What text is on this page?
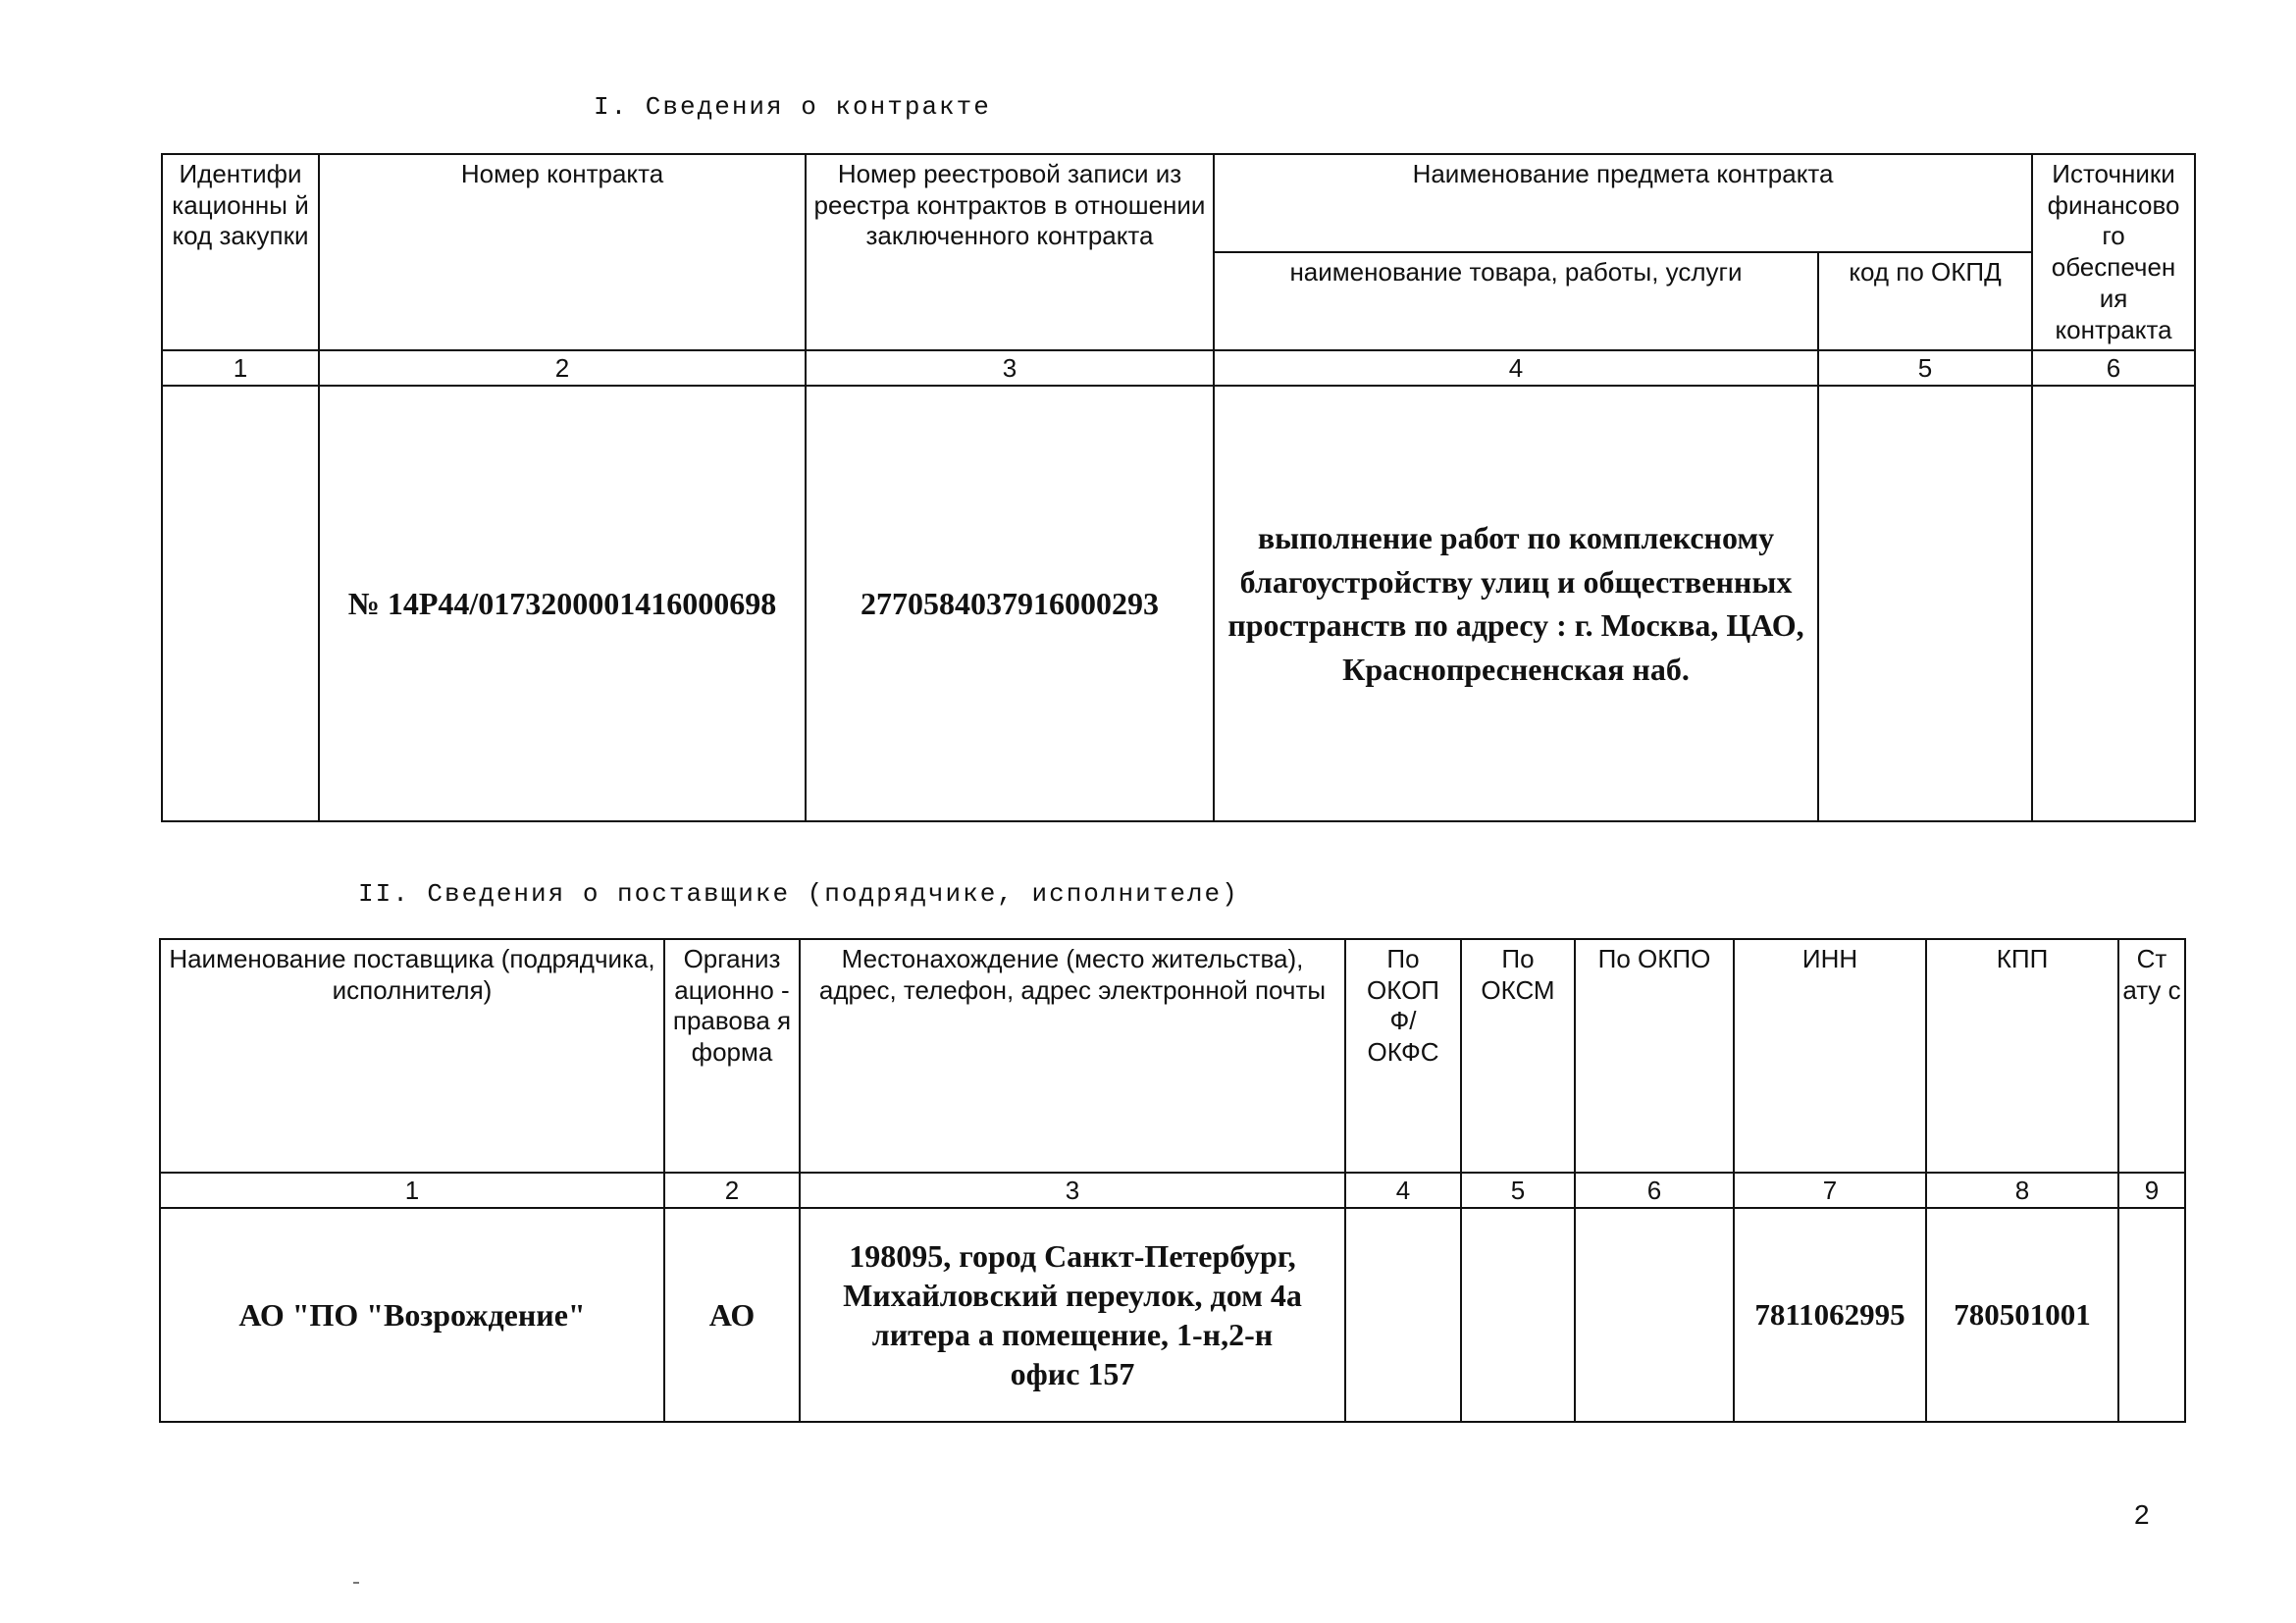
I. Сведения о контракте
Идентифи кационны й код закупки	Номер контракта	Номер реестровой записи из реестра контрактов в отношении заключенного контракта	Наименование предмета контракта		Источники финансово го обеспечен ия контракта
			наименование товара, работы, услуги	код по ОКПД	
1	2	3	4	5	6
	№ 14Р44/0173200001416000698	2770584037916000293	выполнение работ по комплексному благоустройству улиц и общественных пространств по адресу : г. Москва, ЦАО, Краснопресненская наб.		
II. Сведения о поставщике (подрядчике, исполнителе)
Наименование поставщика (подрядчика, исполнителя)	Организ ационно - правова я форма	Местонахождение (место жительства), адрес, телефон, адрес электронной почты	По ОКОП Ф/ ОКФС	По ОКСМ	По ОКПО	ИНН	КПП	Ст ату с
1	2	3	4	5	6	7	8	9
АО "ПО "Возрождение"	АО	198095, город Санкт-Петербург, Михайловский переулок, дом 4а литера а помещение, 1-н,2-н офис 157				7811062995	780501001	
2
